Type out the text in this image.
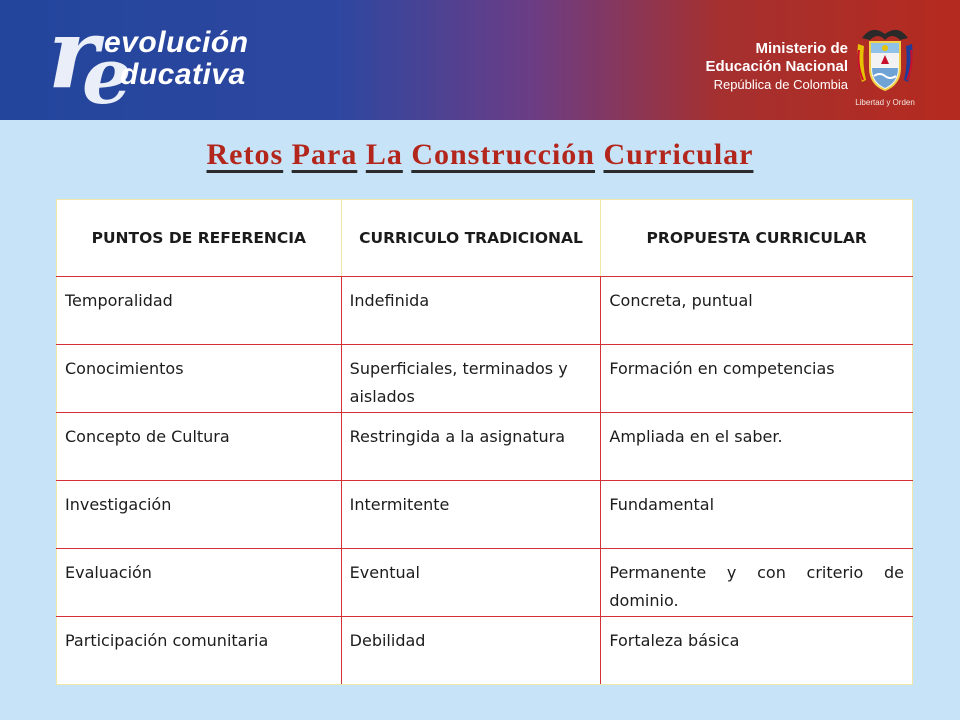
r evolución
e
ducativa
Ministerio de
Educación Nacional
República de Colombia
Libertad y Orden
Retos Para La Construcción Curricular
PUNTOS DE REFERENCIA	CURRICULO TRADICIONAL	PROPUESTA CURRICULAR
Temporalidad	Indefinida	Concreta, puntual
Conocimientos	Superficiales, terminados y aislados	Formación en competencias
Concepto de Cultura	Restringida a la asignatura	Ampliada en el saber.
Investigación	Intermitente	Fundamental
Evaluación	Eventual	Permanente y con criterio de dominio.
Participación comunitaria	Debilidad	Fortaleza básica
